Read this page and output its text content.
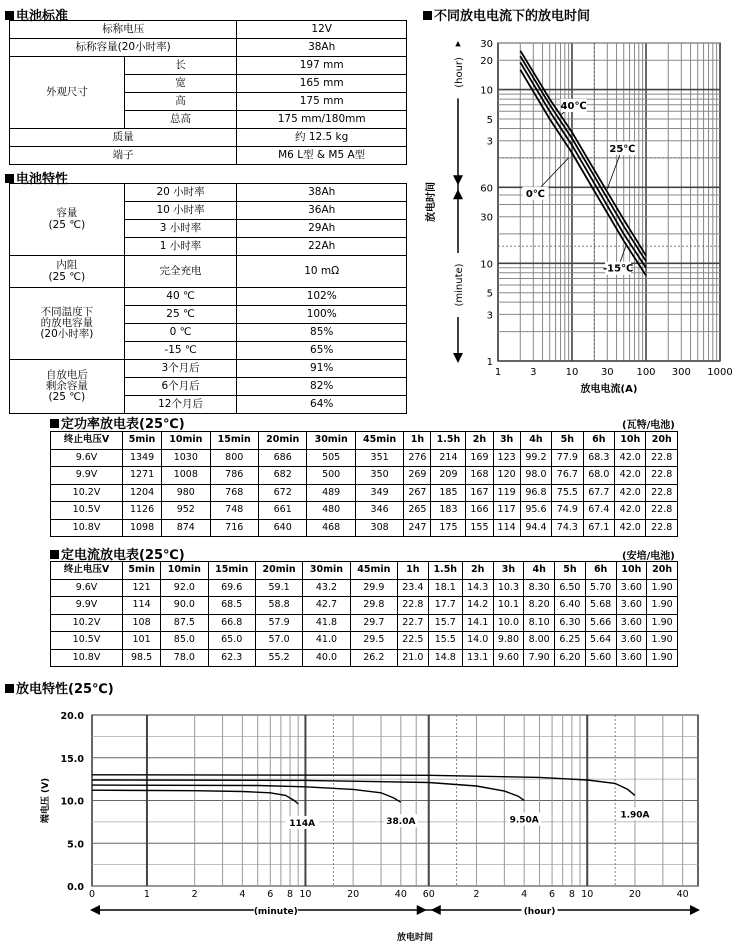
电池标准
标称电压		12V
标称容量(20小时率)		38Ah
外观尺寸	长	197 mm
	宽	165 mm
	高	175 mm
	总高	175 mm/180mm
质量		约 12.5 kg
端子		M6 L型 & M5 A型
电池特性
容量
(25 ℃)	20 小时率	38Ah
	10 小时率	36Ah
	3 小时率	29Ah
	1 小时率	22Ah
内阻
(25 ℃)	完全充电	10 mΩ
不同温度下
的放电容量
(20小时率)	40 ℃	102%
	25 ℃	100%
	0 ℃	85%
	-15 ℃	65%
自放电后
剩余容量
(25 ℃)	3个月后	91%
	6个月后	82%
	12个月后	64%
不同放电电流下的放电时间
1	3	10 30 100 300 1000
放电电流(A)
30
20
10
5
3
60
30
10
5
3
1
(hour)
(minute)
放电时间
40℃
25℃
0℃
-15℃
定功率放电表(25℃)	(瓦特/电池)
终止电压V	5min	10min	15min	20min	30min	45min	1h	1.5h	2h	3h	4h	5h	6h	10h	20h
9.6V	1349	1030	800	686	505	351	276	214	169	123	99.2	77.9	68.3	42.0	22.8
9.9V	1271	1008	786	682	500	350	269	209	168	120	98.0	76.7	68.0	42.0	22.8
10.2V	1204	980	768	672	489	349	267	185	167	119	96.8	75.5	67.7	42.0	22.8
10.5V	1126	952	748	661	480	346	265	183	166	117	95.6	74.9	67.4	42.0	22.8
10.8V	1098	874	716	640	468	308	247	175	155	114	94.4	74.3	67.1	42.0	22.8
定电流放电表(25℃)	(安培/电池)
终止电压V	5min	10min	15min	20min	30min	45min	1h	1.5h	2h	3h	4h	5h	6h	10h	20h
9.6V	121	92.0	69.6	59.1	43.2	29.9	23.4	18.1	14.3	10.3	8.30	6.50	5.70	3.60	1.90
9.9V	114	90.0	68.5	58.8	42.7	29.8	22.8	17.7	14.2	10.1	8.20	6.40	5.68	3.60	1.90
10.2V	108	87.5	66.8	57.9	41.8	29.7	22.7	15.7	14.1	10.0	8.10	6.30	5.66	3.60	1.90
10.5V	101	85.0	65.0	57.0	41.0	29.5	22.5	15.5	14.0	9.80	8.00	6.25	5.64	3.60	1.90
10.8V	98.5	78.0	62.3	55.2	40.0	26.2	21.0	14.8	13.1	9.60	7.90	6.20	5.60	3.60	1.90
放电特性(25℃)
20.0
15.0
10.0
5.0
0.0
端电压 (V)
0	1	2	4 6 8 10	20	40 60	2	4 6 8 10	20	40
(minute)	(hour)
放电时间
114A	38.0A	9.50A
1.90A
